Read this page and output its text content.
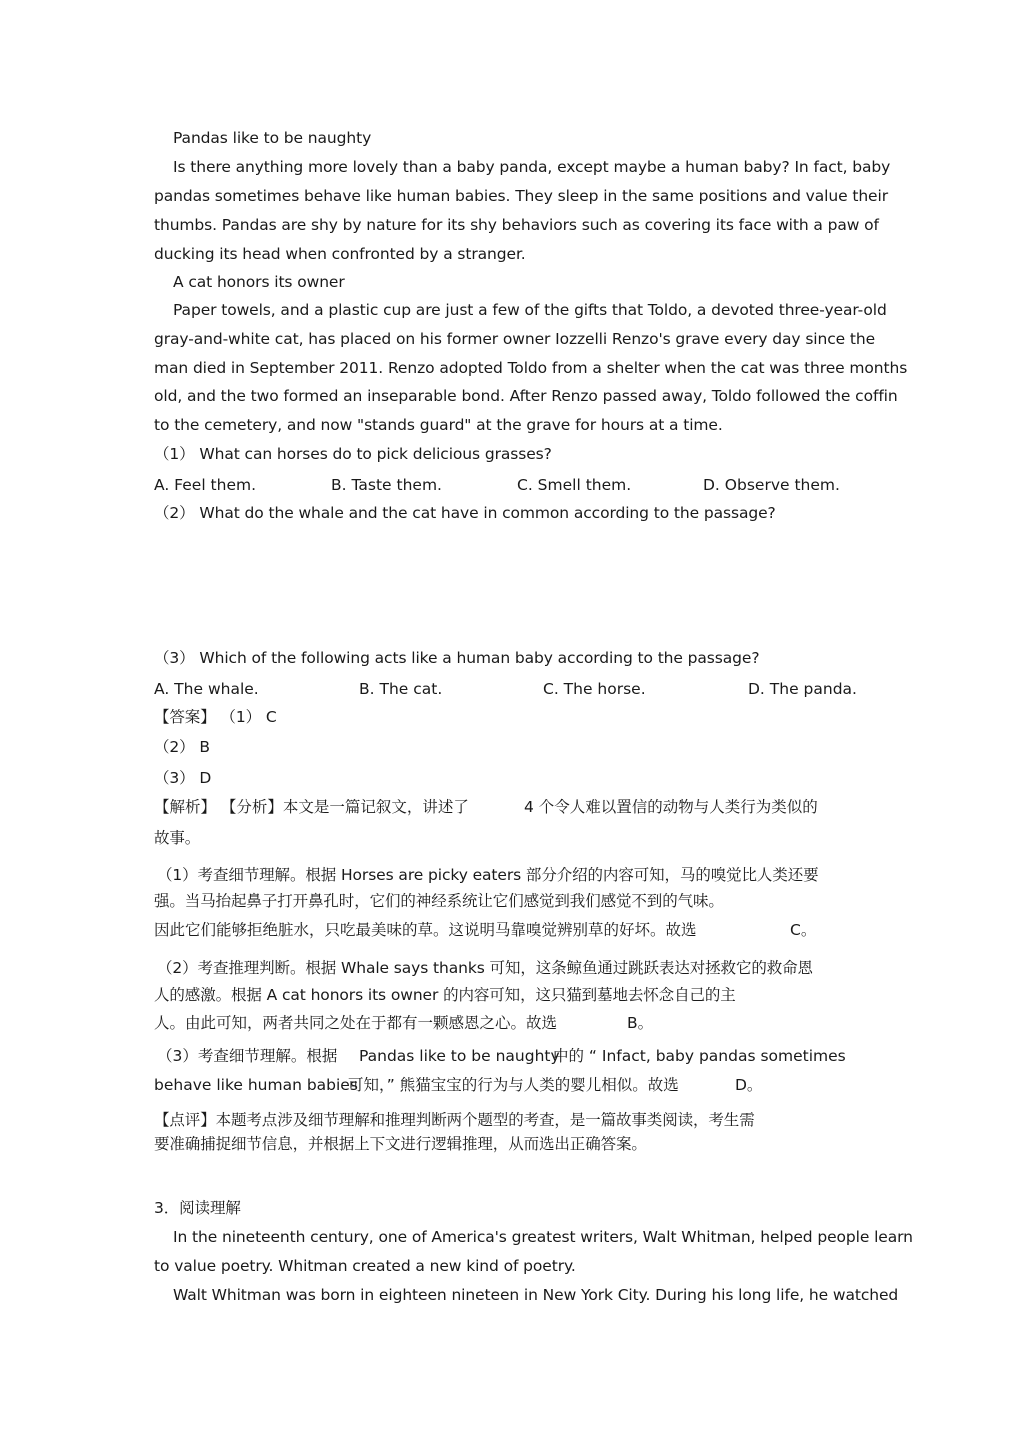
Pandas like to be naughty
Is there anything more lovely than a baby panda, except maybe a human baby? In fact, baby
pandas sometimes behave like human babies. They sleep in the same positions and value their
thumbs. Pandas are shy by nature for its shy behaviors such as covering its face with a paw of
ducking its head when confronted by a stranger.
A cat honors its owner
Paper towels, and a plastic cup are just a few of the gifts that Toldo, a devoted three-year-old
gray-and-white cat, has placed on his former owner Iozzelli Renzo's grave every day since the
man died in September 2011. Renzo adopted Toldo from a shelter when the cat was three months
old, and the two formed an inseparable bond. After Renzo passed away, Toldo followed the coffin
to the cemetery, and now "stands guard" at the grave for hours at a time.
（1） What can horses do to pick delicious grasses?
A. Feel them.	B. Taste them.	C. Smell them.	D. Observe them.
（2） What do the whale and the cat have in common according to the passage?
（3） Which of the following acts like a human baby according to the passage?
A. The whale.	B. The cat.	C. The horse.	D. The panda.
【答案】 （1） C
（2） B
（3） D
【解析】 【分析】本文是一篇记叙文，讲述了	4 个令人难以置信的动物与人类行为类似的
故事。
（1）考查细节理解。根据 Horses are picky eaters 部分介绍的内容可知，马的嗅觉比人类还要
强。当马抬起鼻子打开鼻孔时，它们的神经系统让它们感觉到我们感觉不到的气味。
因此它们能够拒绝脏水，只吃最美味的草。这说明马靠嗅觉辨别草的好坏。故选	C。
（2）考查推理判断。根据 Whale says thanks 可知，这条鲸鱼通过跳跃表达对拯救它的救命恩
人的感激。根据 A cat honors its owner 的内容可知，这只猫到墓地去怀念自己的主
人。由此可知，两者共同之处在于都有一颗感恩之心。故选	B。
（3）考查细节理解。根据 Pandas like to be naughty
中的 “ Infact, baby pandas sometimes
behave like human babies
可知，” 熊猫宝宝的行为与人类的婴儿相似。故选	D。
【点评】本题考点涉及细节理解和推理判断两个题型的考查，是一篇故事类阅读，考生需
要准确捕捉细节信息，并根据上下文进行逻辑推理，从而选出正确答案。
3．阅读理解
In the nineteenth century, one of America's greatest writers, Walt Whitman, helped people learn
to value poetry. Whitman created a new kind of poetry.
Walt Whitman was born in eighteen nineteen in New York City. During his long life, he watched
